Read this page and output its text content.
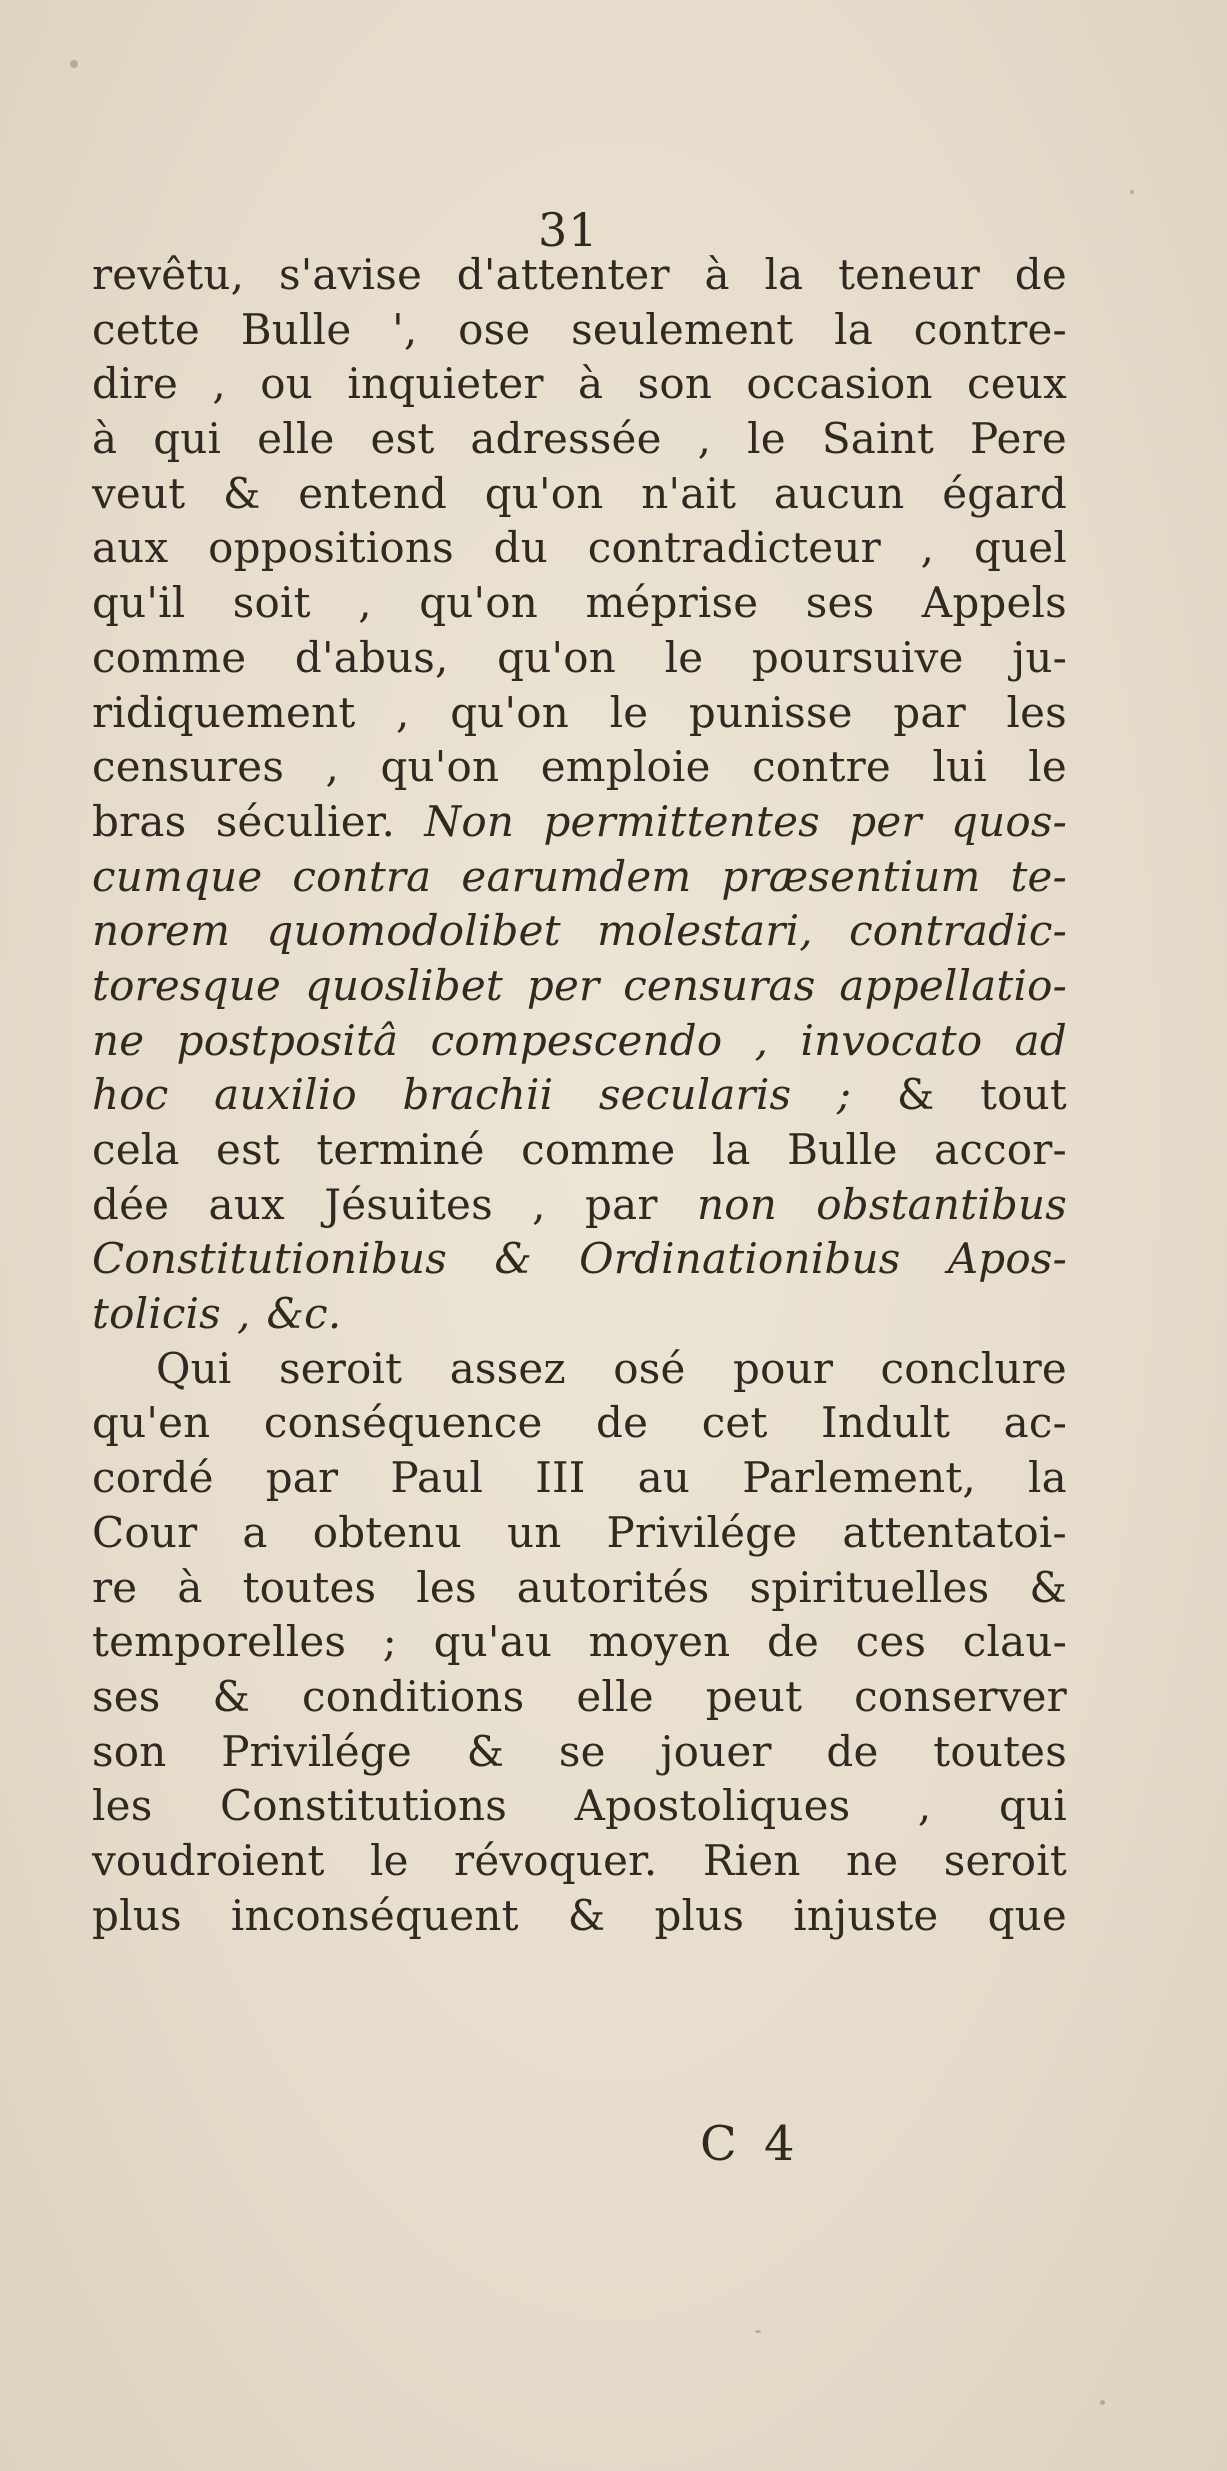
31
revêtu, s'avise d'attenter à la teneur de
cette Bulle ', ose seulement la contre-
dire , ou inquieter à son occasion ceux
à qui elle est adressée , le Saint Pere
veut & entend qu'on n'ait aucun égard
aux oppositions du contradicteur , quel
qu'il soit , qu'on méprise ses Appels
comme d'abus, qu'on le poursuive ju-
ridiquement , qu'on le punisse par les
censures , qu'on emploie contre lui le
bras séculier. Non permittentes per quos-
cumque contra earumdem præsentium te-
norem quomodolibet molestari, contradic-
toresque quoslibet per censuras appellatio-
ne postpositâ compescendo , invocato ad
hoc auxilio brachii secularis ; & tout
cela est terminé comme la Bulle accor-
dée aux Jésuites , par non obstantibus
Constitutionibus & Ordinationibus Apos-
tolicis , &c.
Qui seroit assez osé pour conclure
qu'en conséquence de cet Indult ac-
cordé par Paul III au Parlement, la
Cour a obtenu un Privilége attentatoi-
re à toutes les autorités spirituelles &
temporelles ; qu'au moyen de ces clau-
ses & conditions elle peut conserver
son Privilége & se jouer de toutes
les Constitutions Apostoliques , qui
voudroient le révoquer. Rien ne seroit
plus inconséquent & plus injuste que
C 4
